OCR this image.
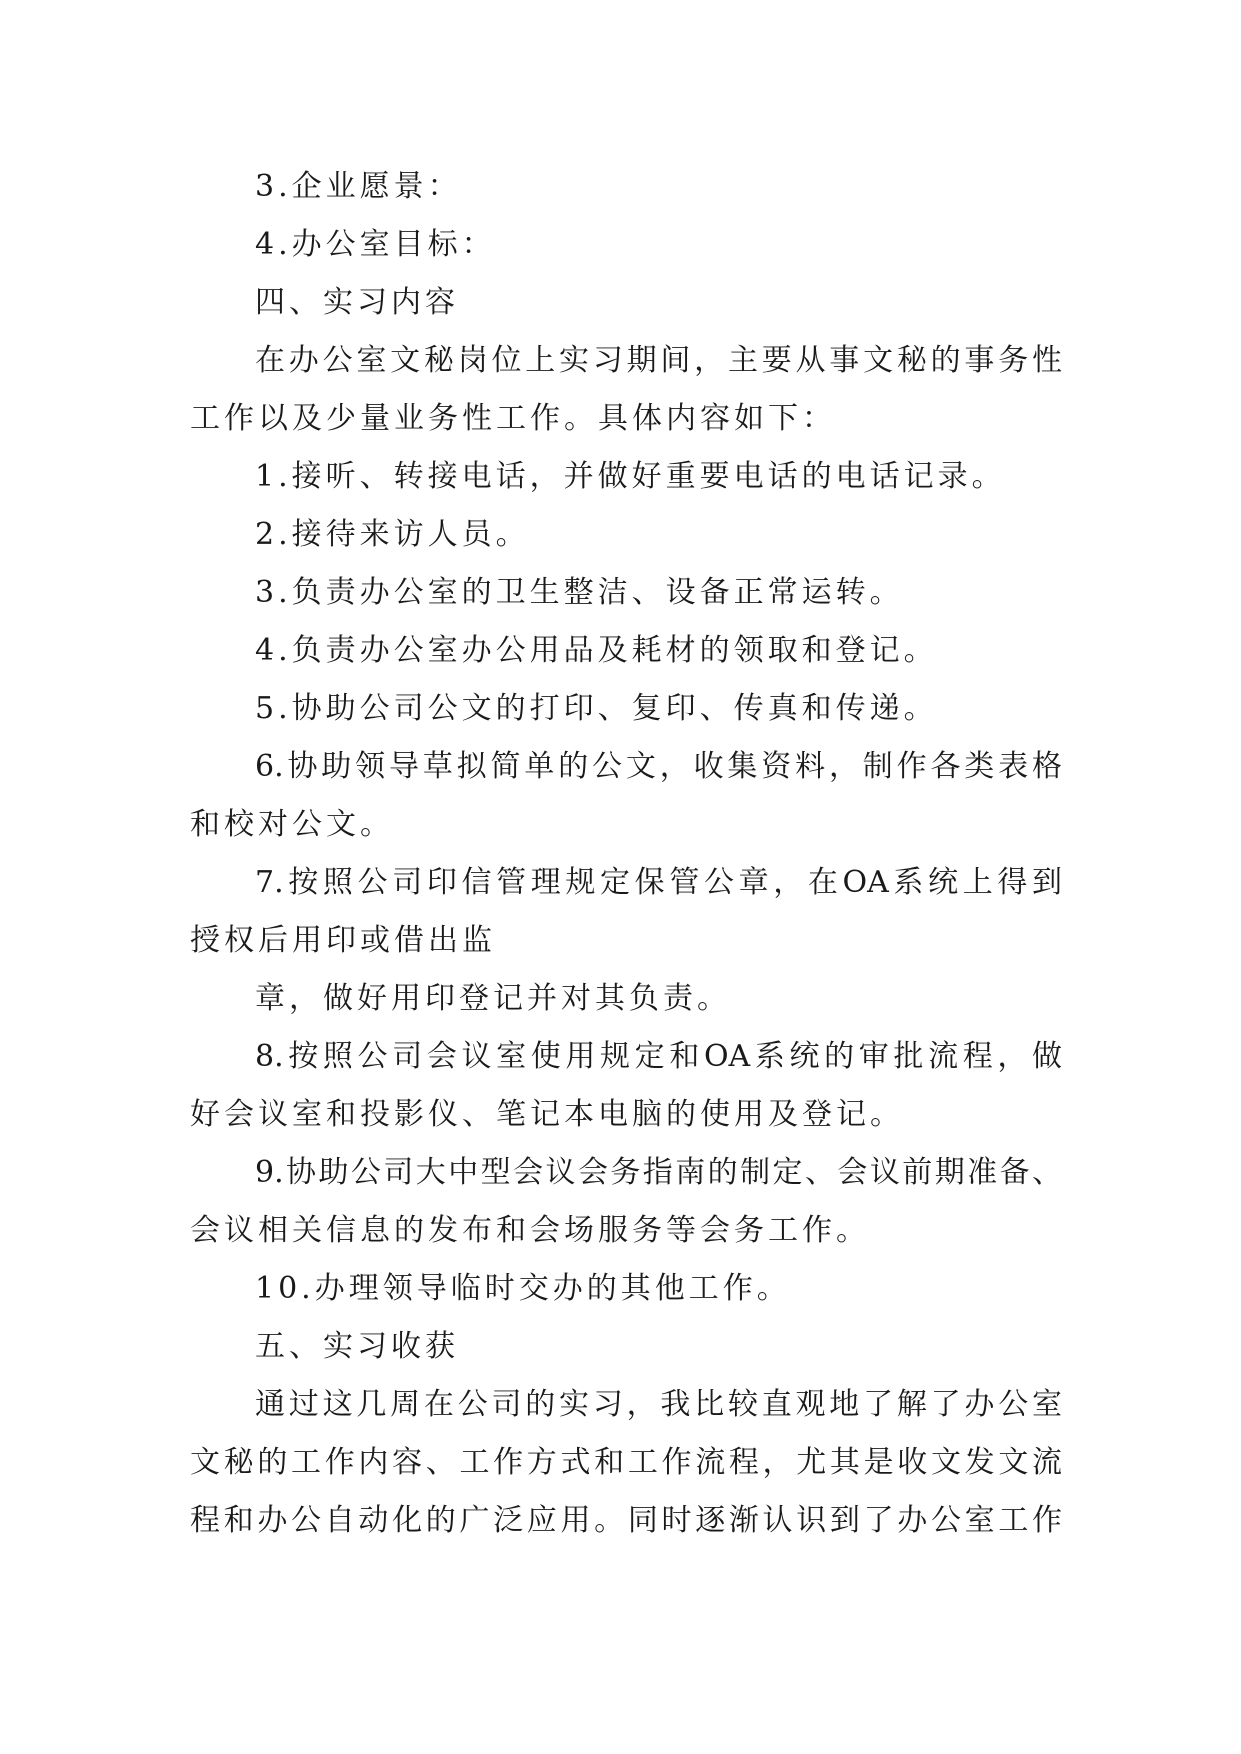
3.企业愿景：
4.办公室目标：
四、实习内容
在办公室文秘岗位上实习期间，主要从事文秘的事务性
工作以及少量业务性工作。具体内容如下：
1.接听、转接电话，并做好重要电话的电话记录。
2.接待来访人员。
3.负责办公室的卫生整洁、设备正常运转。
4.负责办公室办公用品及耗材的领取和登记。
5.协助公司公文的打印、复印、传真和传递。
6.协助领导草拟简单的公文，收集资料，制作各类表格
和校对公文。
7.按照公司印信管理规定保管公章，在OA系统上得到
授权后用印或借出监
章，做好用印登记并对其负责。
8.按照公司会议室使用规定和OA系统的审批流程，做
好会议室和投影仪、笔记本电脑的使用及登记。
9.协助公司大中型会议会务指南的制定、会议前期准备、
会议相关信息的发布和会场服务等会务工作。
10.办理领导临时交办的其他工作。
五、实习收获
通过这几周在公司的实习，我比较直观地了解了办公室
文秘的工作内容、工作方式和工作流程，尤其是收文发文流
程和办公自动化的广泛应用。同时逐渐认识到了办公室工作
